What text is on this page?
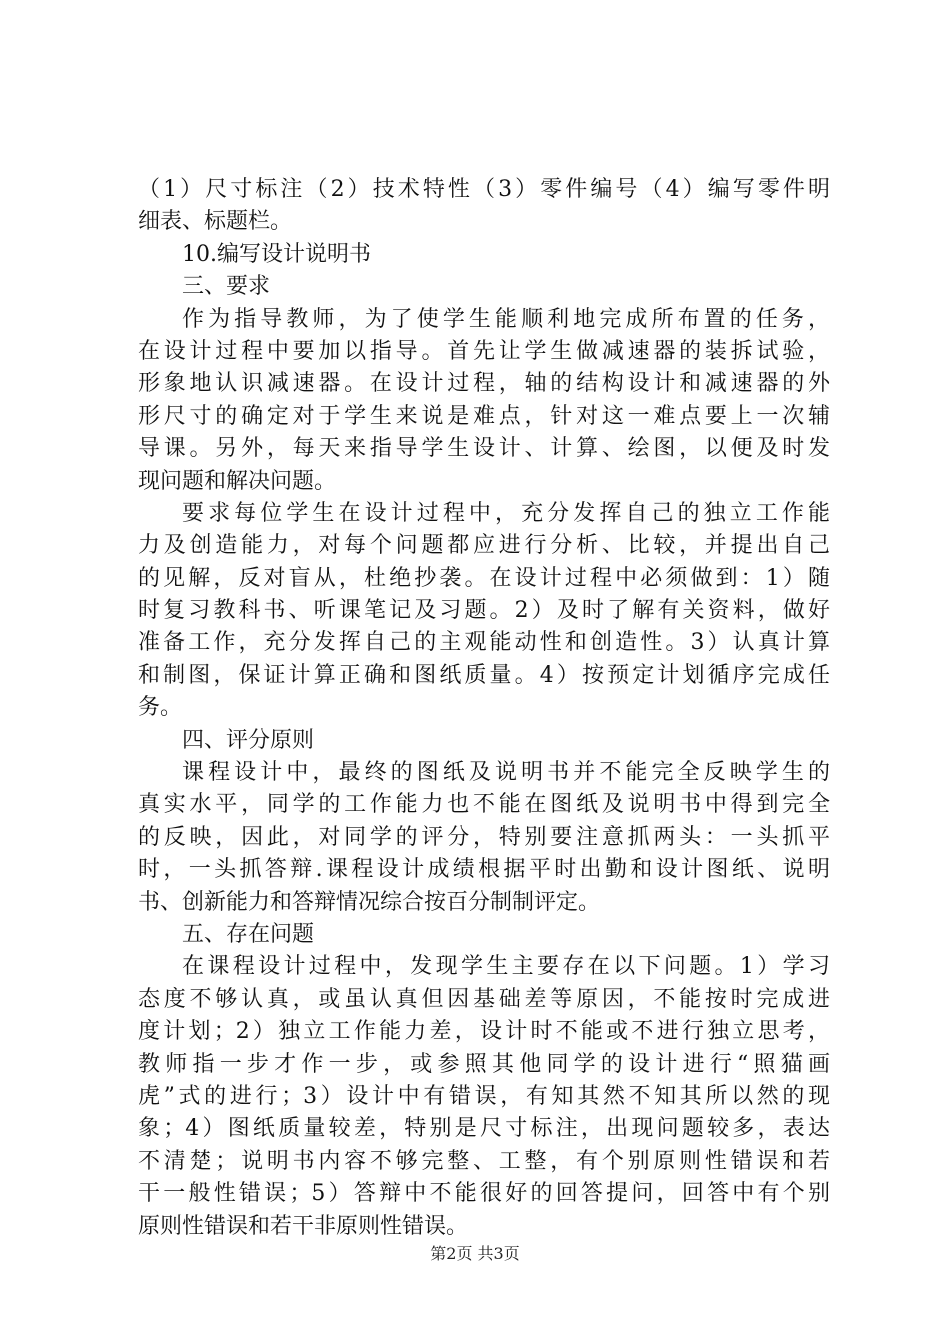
（1）尺寸标注（2）技术特性（3）零件编号（4）编写零件明
细表、标题栏。
10.编写设计说明书
三、要求
作为指导教师，为了使学生能顺利地完成所布置的任务，
在设计过程中要加以指导。首先让学生做减速器的装拆试验，
形象地认识减速器。在设计过程，轴的结构设计和减速器的外
形尺寸的确定对于学生来说是难点，针对这一难点要上一次辅
导课。另外，每天来指导学生设计、计算、绘图，以便及时发
现问题和解决问题。
要求每位学生在设计过程中，充分发挥自己的独立工作能
力及创造能力，对每个问题都应进行分析、比较，并提出自己
的见解，反对盲从，杜绝抄袭。在设计过程中必须做到：1）随
时复习教科书、听课笔记及习题。2）及时了解有关资料，做好
准备工作，充分发挥自己的主观能动性和创造性。3）认真计算
和制图，保证计算正确和图纸质量。4）按预定计划循序完成任
务。
四、评分原则
课程设计中，最终的图纸及说明书并不能完全反映学生的
真实水平，同学的工作能力也不能在图纸及说明书中得到完全
的反映，因此，对同学的评分，特别要注意抓两头：一头抓平
时，一头抓答辩.课程设计成绩根据平时出勤和设计图纸、说明
书、创新能力和答辩情况综合按百分制制评定。
五、存在问题
在课程设计过程中，发现学生主要存在以下问题。1）学习
态度不够认真，或虽认真但因基础差等原因，不能按时完成进
度计划；2）独立工作能力差，设计时不能或不进行独立思考，
教师指一步才作一步，或参照其他同学的设计进行“照猫画
虎”式的进行；3）设计中有错误，有知其然不知其所以然的现
象；4）图纸质量较差，特别是尺寸标注，出现问题较多，表达
不清楚；说明书内容不够完整、工整，有个别原则性错误和若
干一般性错误；5）答辩中不能很好的回答提问，回答中有个别
原则性错误和若干非原则性错误。
第2页 共3页
